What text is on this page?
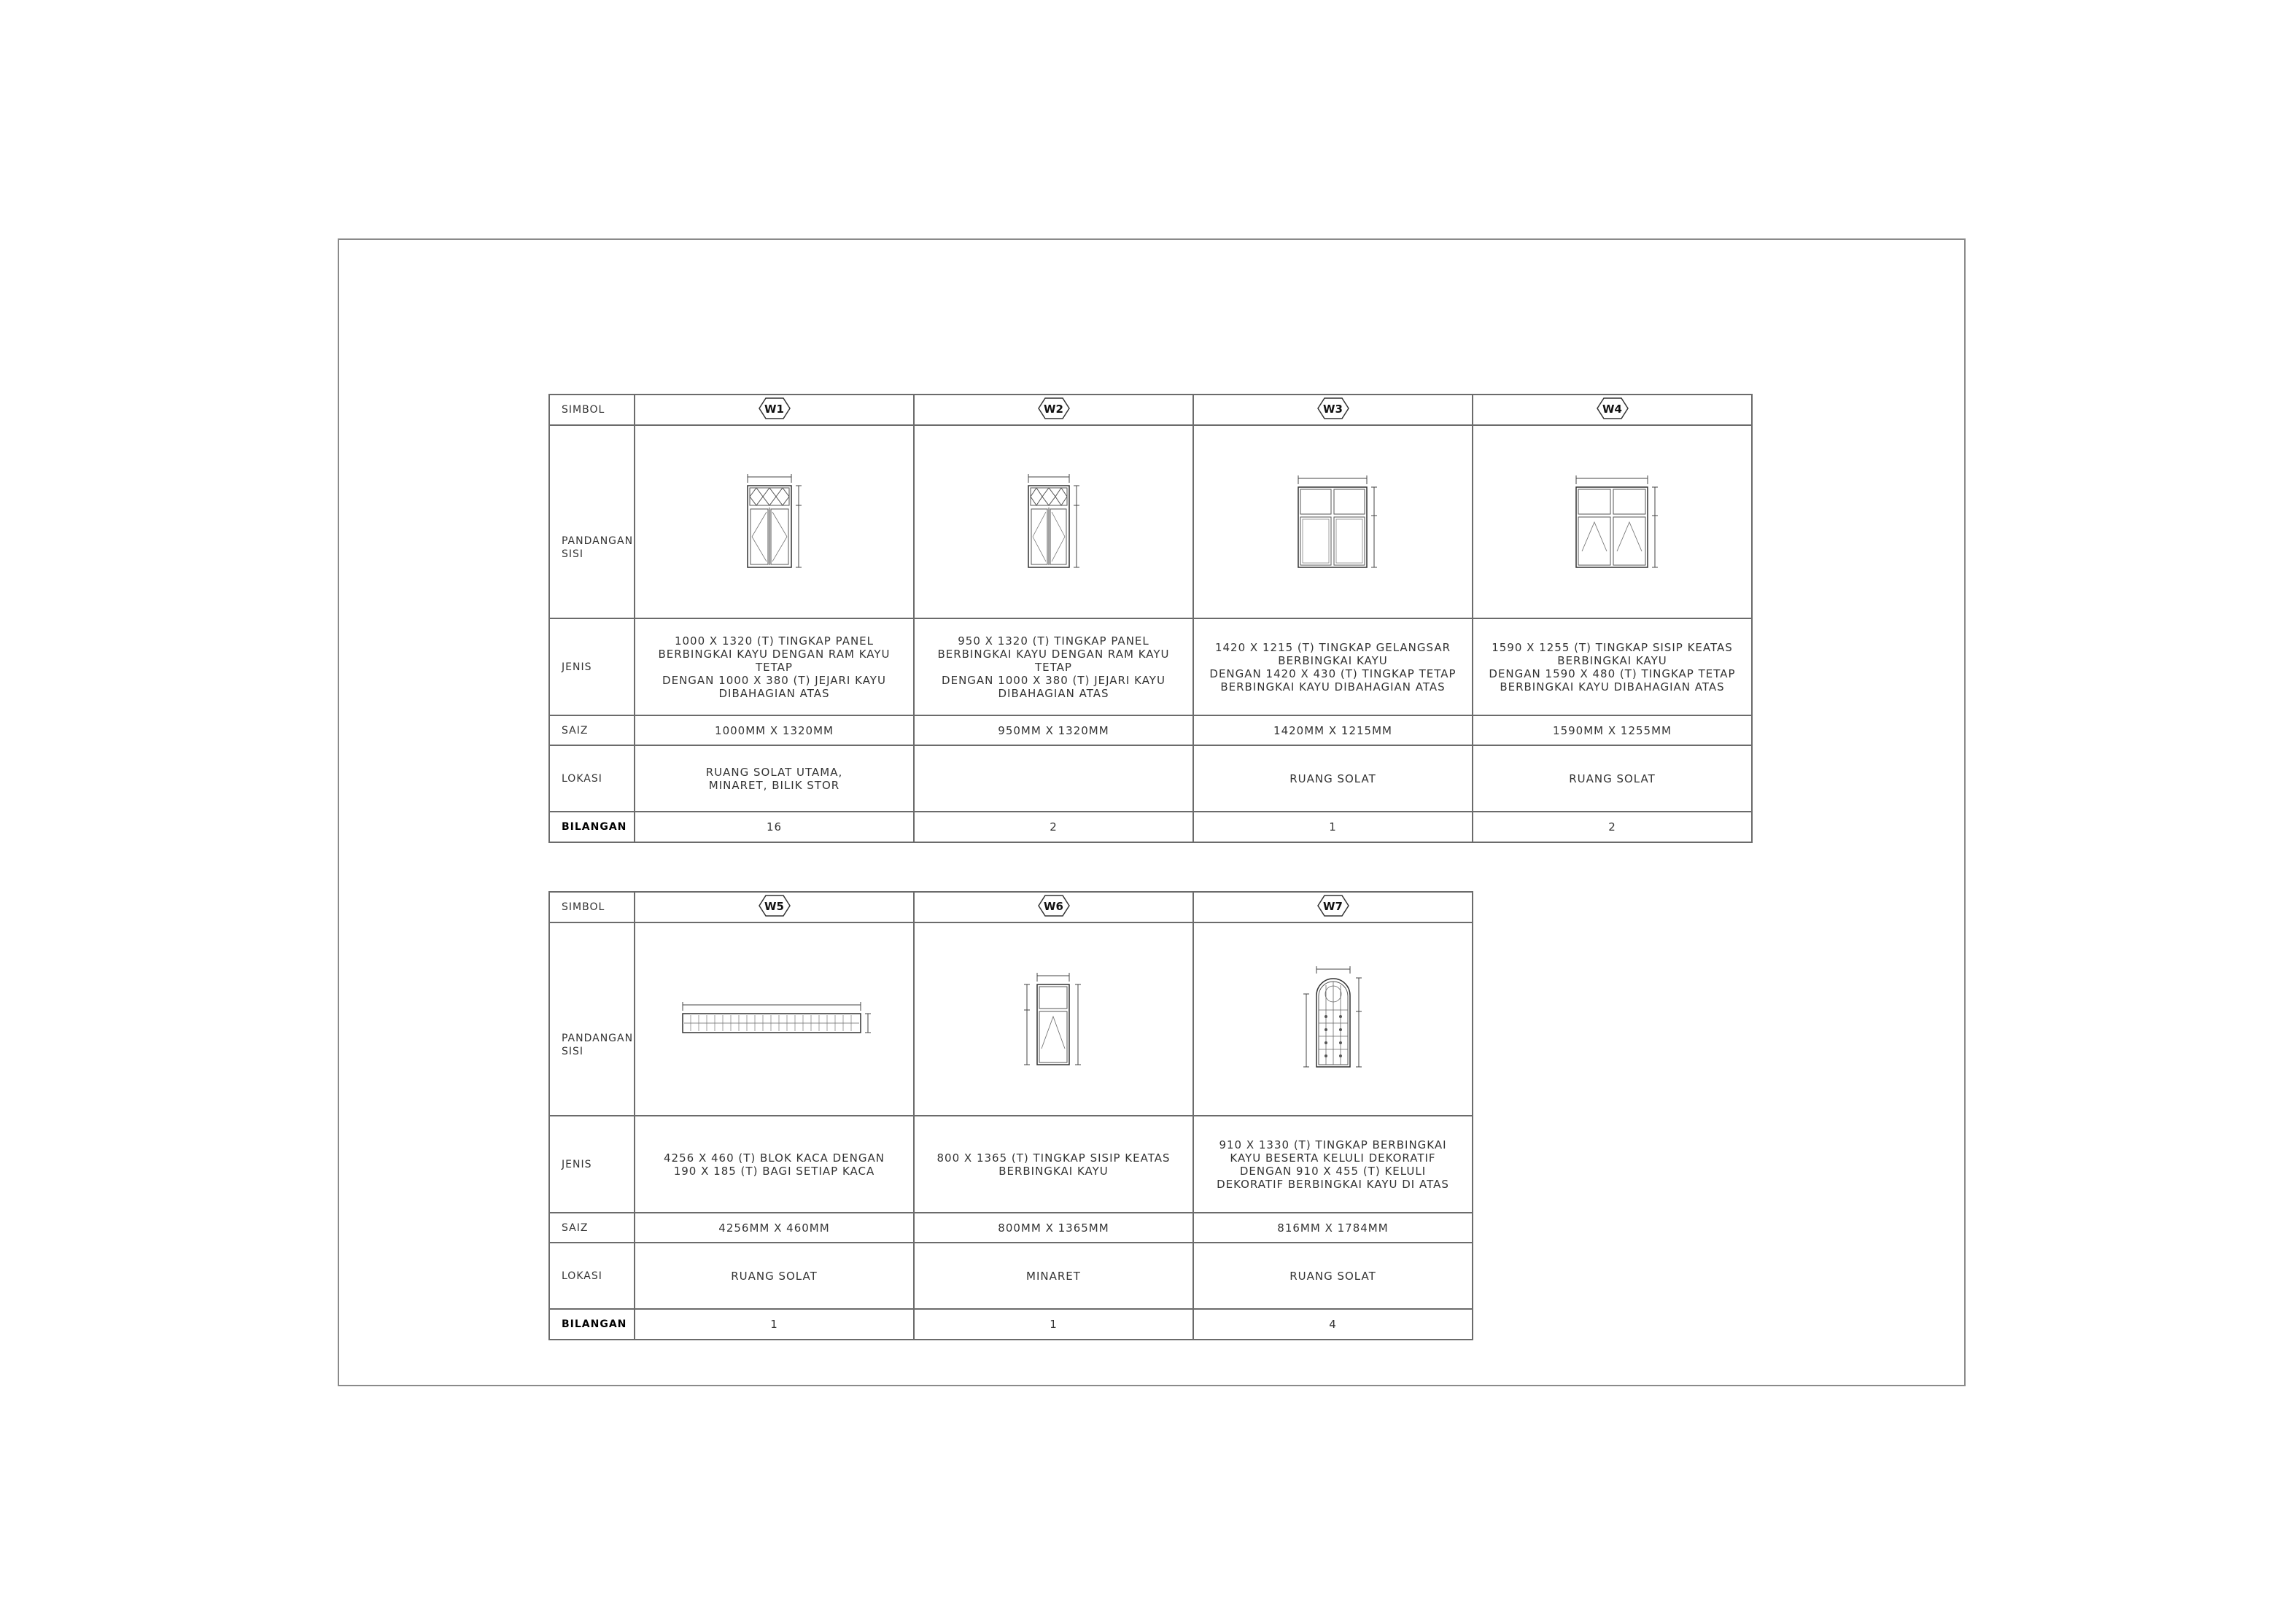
SIMBOL	W1	W2	W3	W4

PANDANGAN
SISI	

JENIS	1000 X 1320 (T) TINGKAP PANEL
BERBINGKAI KAYU DENGAN RAM KAYU TETAP
DENGAN 1000 X 380 (T) JEJARI KAYU
DIBAHAGIAN ATAS	950 X 1320 (T) TINGKAP PANEL
BERBINGKAI KAYU DENGAN RAM KAYU TETAP
DENGAN 1000 X 380 (T) JEJARI KAYU
DIBAHAGIAN ATAS	1420 X 1215 (T) TINGKAP GELANGSAR
BERBINGKAI KAYU
DENGAN 1420 X 430 (T) TINGKAP TETAP
BERBINGKAI KAYU DIBAHAGIAN ATAS	1590 X 1255 (T) TINGKAP SISIP KEATAS
BERBINGKAI KAYU
DENGAN 1590 X 480 (T) TINGKAP TETAP
BERBINGKAI KAYU DIBAHAGIAN ATAS
SAIZ	1000MM X 1320MM	950MM X 1320MM	1420MM X 1215MM	1590MM X 1255MM
LOKASI	RUANG SOLAT UTAMA,
MINARET, BILIK STOR		RUANG SOLAT	RUANG SOLAT
BILANGAN	16	2	1	2
SIMBOL	W5	W6	W7

PANDANGAN
SISI	

JENIS	4256 X 460 (T) BLOK KACA DENGAN
190 X 185 (T) BAGI SETIAP KACA	800 X 1365 (T) TINGKAP SISIP KEATAS
BERBINGKAI KAYU	910 X 1330 (T) TINGKAP BERBINGKAI
KAYU BESERTA KELULI DEKORATIF
DENGAN 910 X 455 (T) KELULI
DEKORATIF BERBINGKAI KAYU DI ATAS
SAIZ	4256MM X 460MM	800MM X 1365MM	816MM X 1784MM
LOKASI	RUANG SOLAT	MINARET	RUANG SOLAT
BILANGAN	1	1	4
